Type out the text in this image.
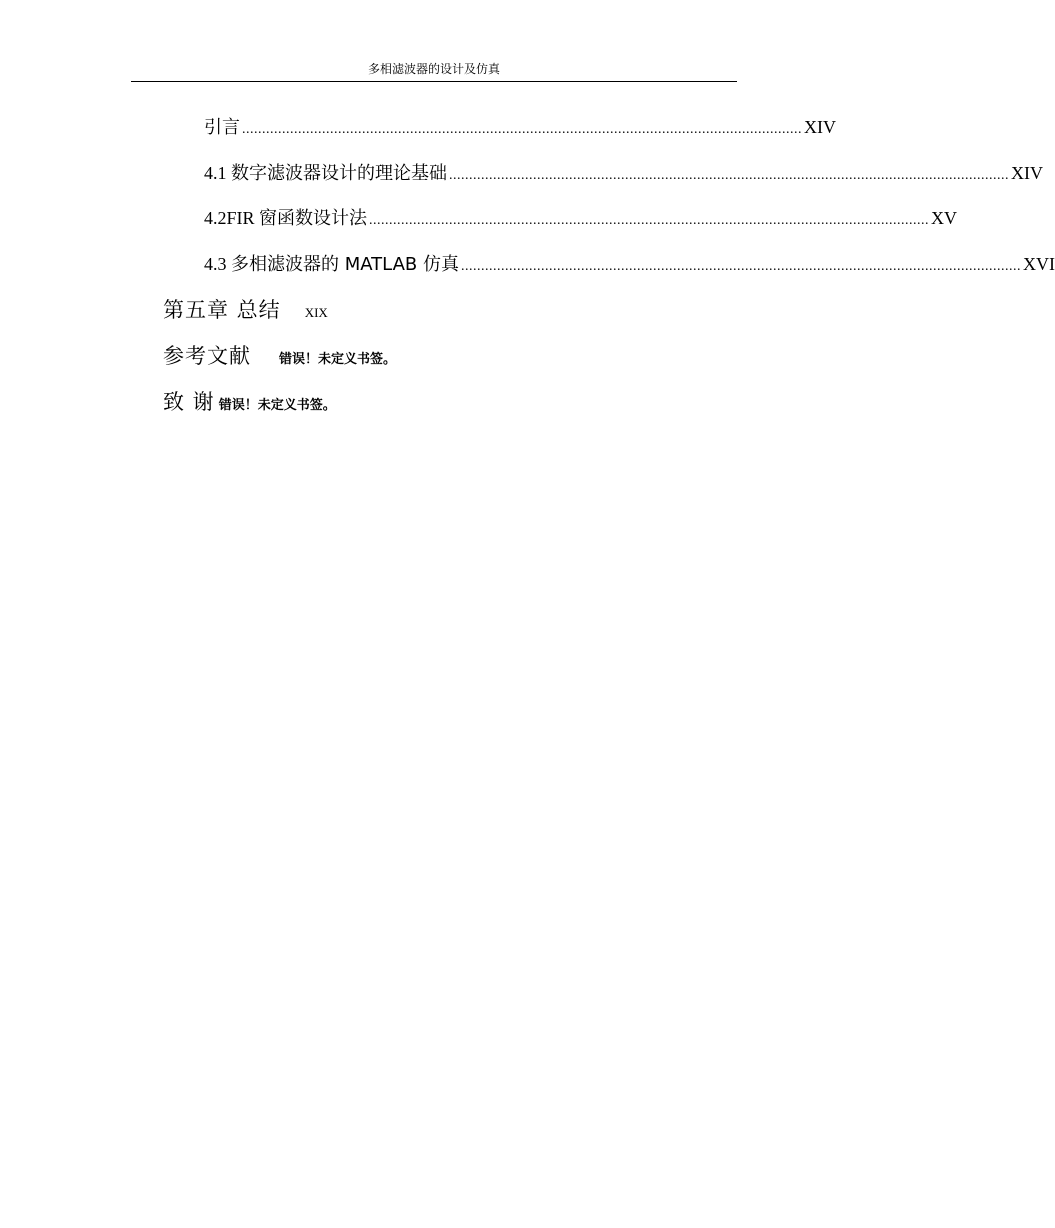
多相滤波器的设计及仿真
引言 ............................................................................................................................................ XIV
4.1 数字滤波器设计的理论基础 ............................................................................................................................................ XIV
4.2FIR 窗函数设计法 ............................................................................................................................................ XV
4.3 多相滤波器的 MATLAB 仿真 ............................................................................................................................................ XVI
第五章 总结 XIX
参考文献 错误！未定义书签。
致 谢 错误！未定义书签。
